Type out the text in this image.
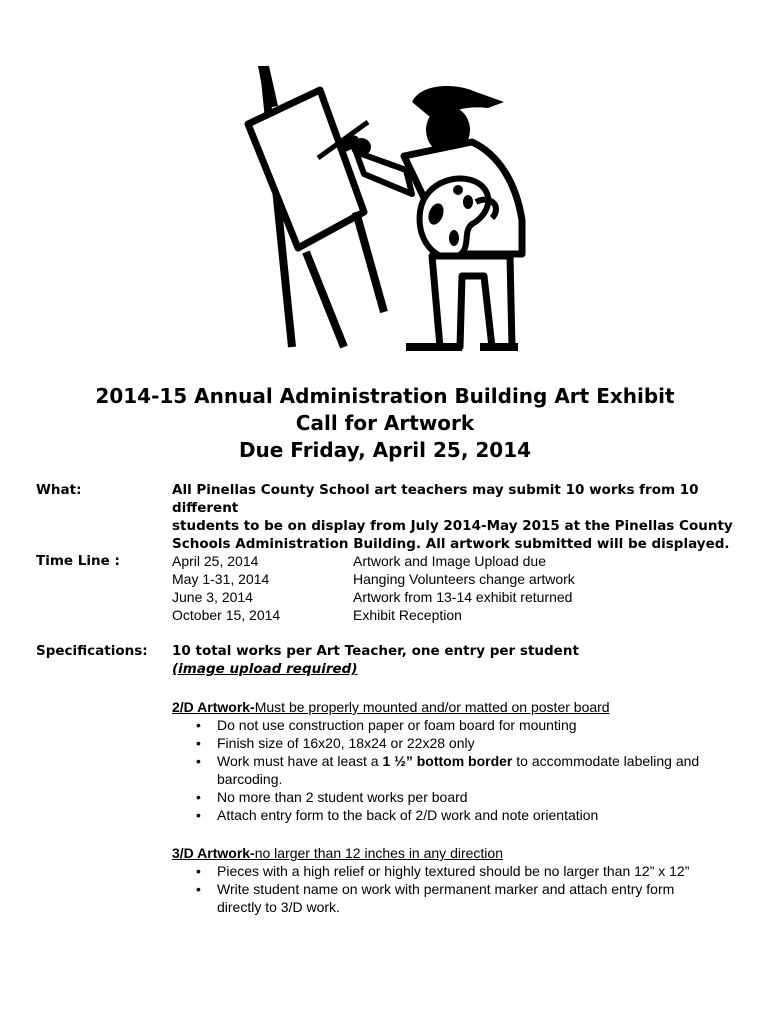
2014-15 Annual Administration Building Art Exhibit
Call for Artwork
Due Friday, April 25, 2014
What:	All Pinellas County School art teachers may submit 10 works from 10 different
students to be on display from July 2014-May 2015 at the Pinellas County
Schools Administration Building. All artwork submitted will be displayed.
Time Line :	April 25, 2014	Artwork and Image Upload due
May 1-31, 2014	Hanging Volunteers change artwork
June 3, 2014	Artwork from 13-14 exhibit returned
October 15, 2014	Exhibit Reception
Specifications:	10 total works per Art Teacher, one entry per student
(image upload required)
2/D Artwork-Must be properly mounted and/or matted on poster board
• Do not use construction paper or foam board for mounting
• Finish size of 16x20, 18x24 or 22x28 only
• Work must have at least a 1 ½” bottom border to accommodate labeling and
barcoding.
• No more than 2 student works per board
• Attach entry form to the back of 2/D work and note orientation
3/D Artwork-no larger than 12 inches in any direction
• Pieces with a high relief or highly textured should be no larger than 12” x 12”
• Write student name on work with permanent marker and attach entry form
directly to 3/D work.
